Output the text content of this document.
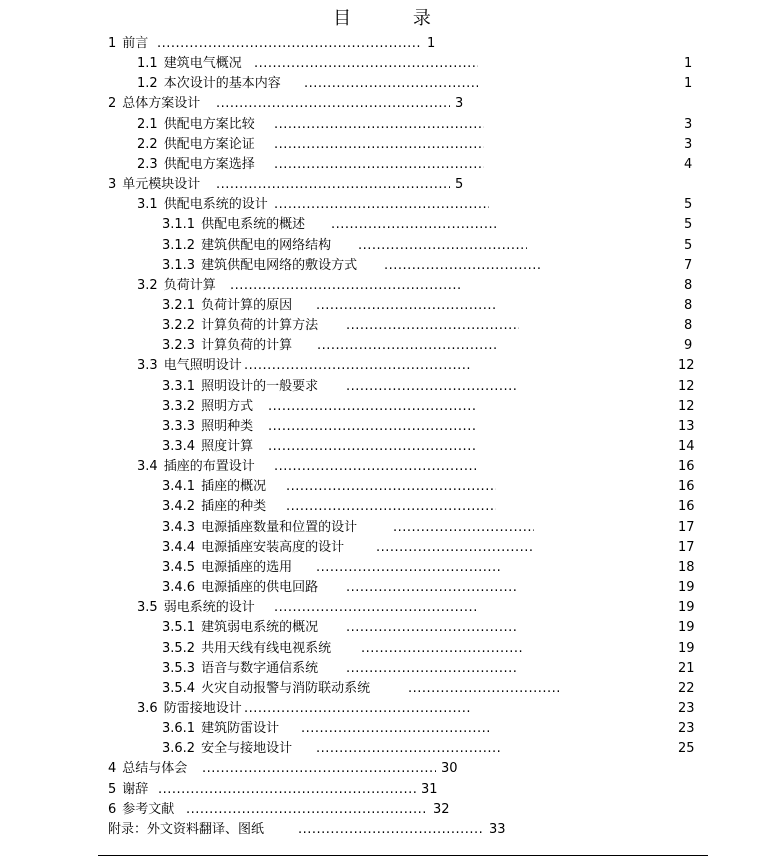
目 录
1 前言 .....	1
1.1 建筑电气概况 .....	1
1.2 本次设计的基本内容 .....	1
2 总体方案设计 .....	3
2.1 供配电方案比较 .....	3
2.2 供配电方案论证 .....	3
2.3 供配电方案选择 .....	4
3 单元模块设计 .....	5
3.1 供配电系统的设计 .....	5
3.1.1 供配电系统的概述 .....	5
3.1.2 建筑供配电的网络结构 .....	5
3.1.3 建筑供配电网络的敷设方式 .....	7
3.2 负荷计算 .....	8
3.2.1 负荷计算的原因 .....	8
3.2.2 计算负荷的计算方法 .....	8
3.2.3 计算负荷的计算 .....	9
3.3 电气照明设计 .....	12
3.3.1 照明设计的一般要求 .....	12
3.3.2 照明方式 .....	12
3.3.3 照明种类 .....	13
3.3.4 照度计算 .....	14
3.4 插座的布置设计 .....	16
3.4.1 插座的概况 .....	16
3.4.2 插座的种类 .....	16
3.4.3 电源插座数量和位置的设计 .....	17
3.4.4 电源插座安装高度的设计 .....	17
3.4.5 电源插座的选用 .....	18
3.4.6 电源插座的供电回路 .....	19
3.5 弱电系统的设计 .....	19
3.5.1 建筑弱电系统的概况 .....	19
3.5.2 共用天线有线电视系统 .....	19
3.5.3 语音与数字通信系统 .....	21
3.5.4 火灾自动报警与消防联动系统 .....	22
3.6 防雷接地设计 .....	23
3.6.1 建筑防雷设计 .....	23
3.6.2 安全与接地设计 .....	25
4 总结与体会 .....	30
5 谢辞 .....	31
6 参考文献 .....	32
附录：外文资料翻译、图纸 .....	33
